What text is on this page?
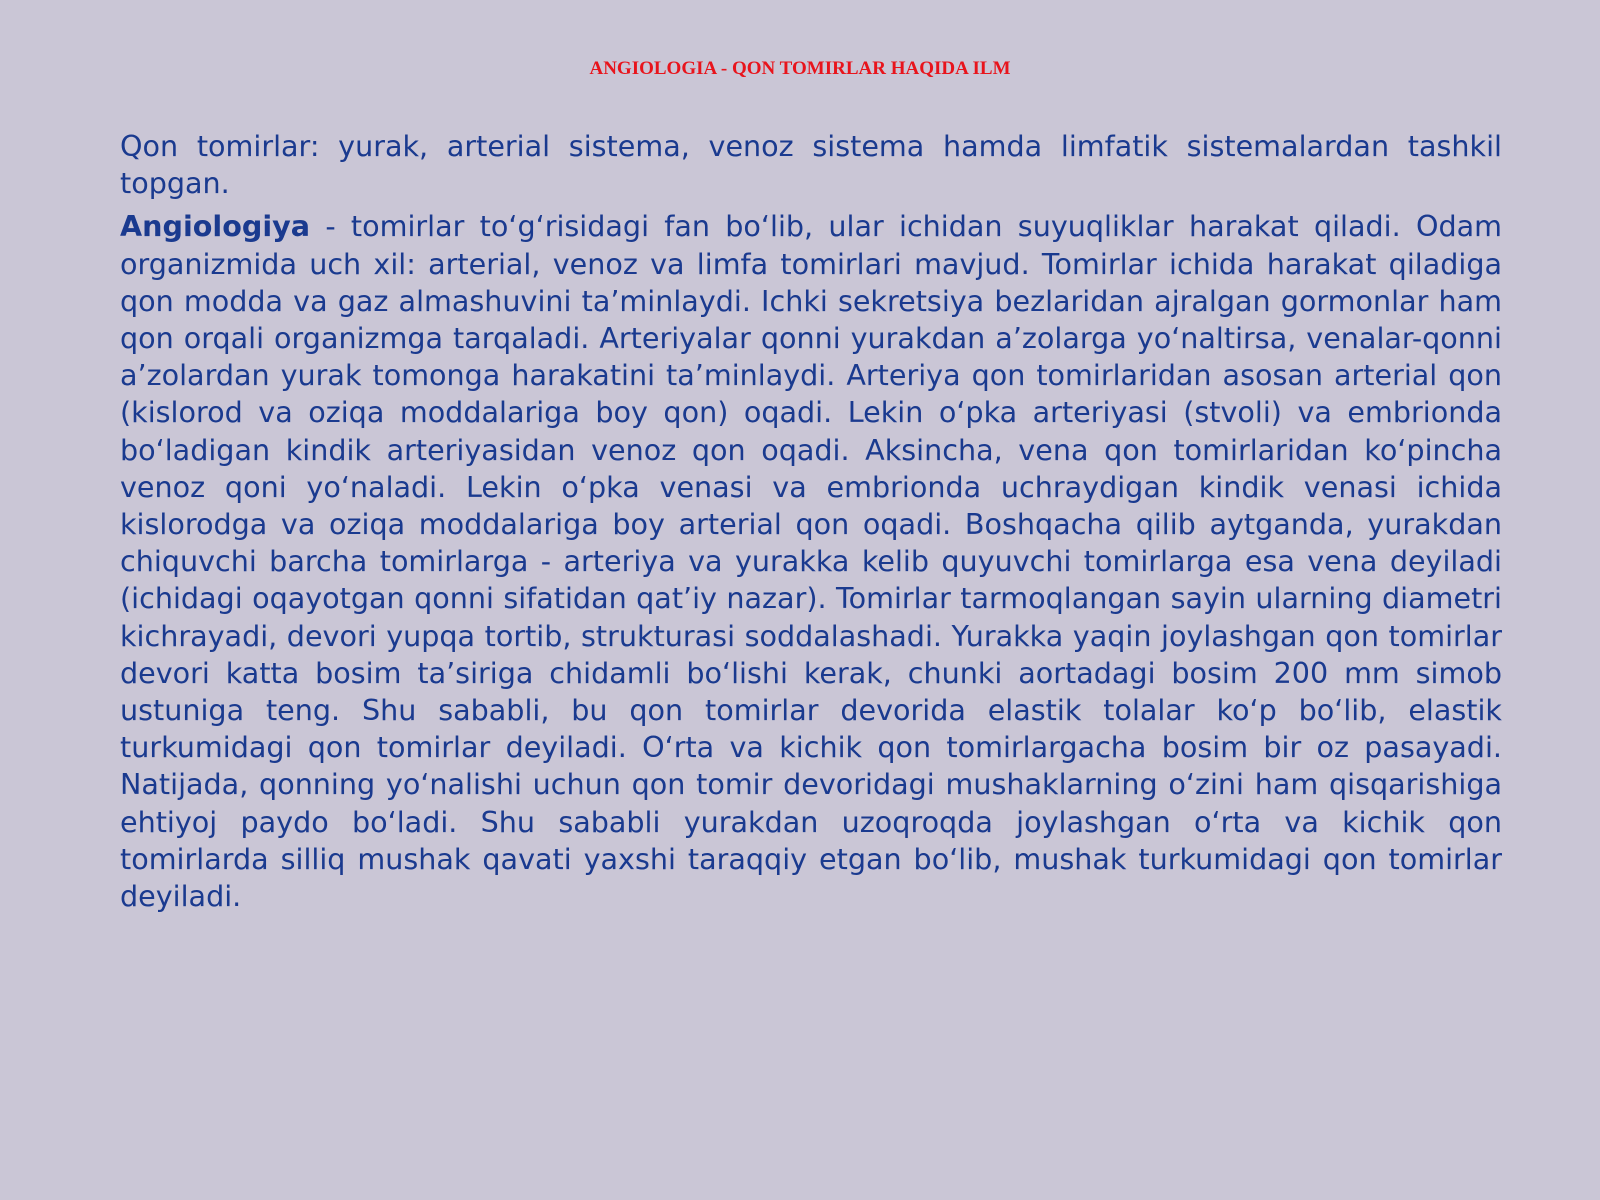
ANGIOLOGIA - QON TOMIRLAR HAQIDA ILM

Qon tomirlar: yurak, arterial sistema, venoz sistema hamda limfatik sistemalardan tashkil topgan.

Angiologiya - tomirlar to‘g‘risidagi fan bo‘lib, ular ichidan suyuqliklar harakat qiladi. Odam organizmida uch xil: arterial, venoz va limfa tomirlari mavjud. Tomirlar ichida harakat qiladiga qon modda va gaz almashuvini ta’minlaydi. Ichki sekretsiya bezlaridan ajralgan gormonlar ham qon orqali organizmga tarqaladi. Arteriyalar qonni yurakdan a’zolarga yo‘naltirsa, venalar-qonni a’zolardan yurak tomonga harakatini ta’minlaydi. Arteriya qon tomirlaridan asosan arterial qon (kislorod va oziqa moddalariga boy qon) oqadi. Lekin o‘pka arteriyasi (stvoli) va embrionda bo‘ladigan kindik arteriyasidan venoz qon oqadi. Aksincha, vena qon tomirlaridan ko‘pincha venoz qoni yo‘naladi. Lekin o‘pka venasi va embrionda uchraydigan kindik venasi ichida kislorodga va oziqa moddalariga boy arterial qon oqadi. Boshqacha qilib aytganda, yurakdan chiquvchi barcha tomirlarga - arteriya va yurakka kelib quyuvchi tomirlarga esa vena deyiladi (ichidagi oqayotgan qonni sifatidan qat’iy nazar). Tomirlar tarmoqlangan sayin ularning diametri kichrayadi, devori yupqa tortib, strukturasi soddalashadi. Yurakka yaqin joylashgan qon tomirlar devori katta bosim ta’siriga chidamli bo‘lishi kerak, chunki aortadagi bosim 200 mm simob ustuniga teng. Shu sababli, bu qon tomirlar devorida elastik tolalar ko‘p bo‘lib, elastik turkumidagi qon tomirlar deyiladi. O‘rta va kichik qon tomirlargacha bosim bir oz pasayadi. Natijada, qonning yo‘nalishi uchun qon tomir devoridagi mushaklarning o‘zini ham qisqarishiga ehtiyoj paydo bo‘ladi. Shu sababli yurakdan uzoqroqda joylashgan o‘rta va kichik qon tomirlarda silliq mushak qavati yaxshi taraqqiy etgan bo‘lib, mushak turkumidagi qon tomirlar deyiladi.
